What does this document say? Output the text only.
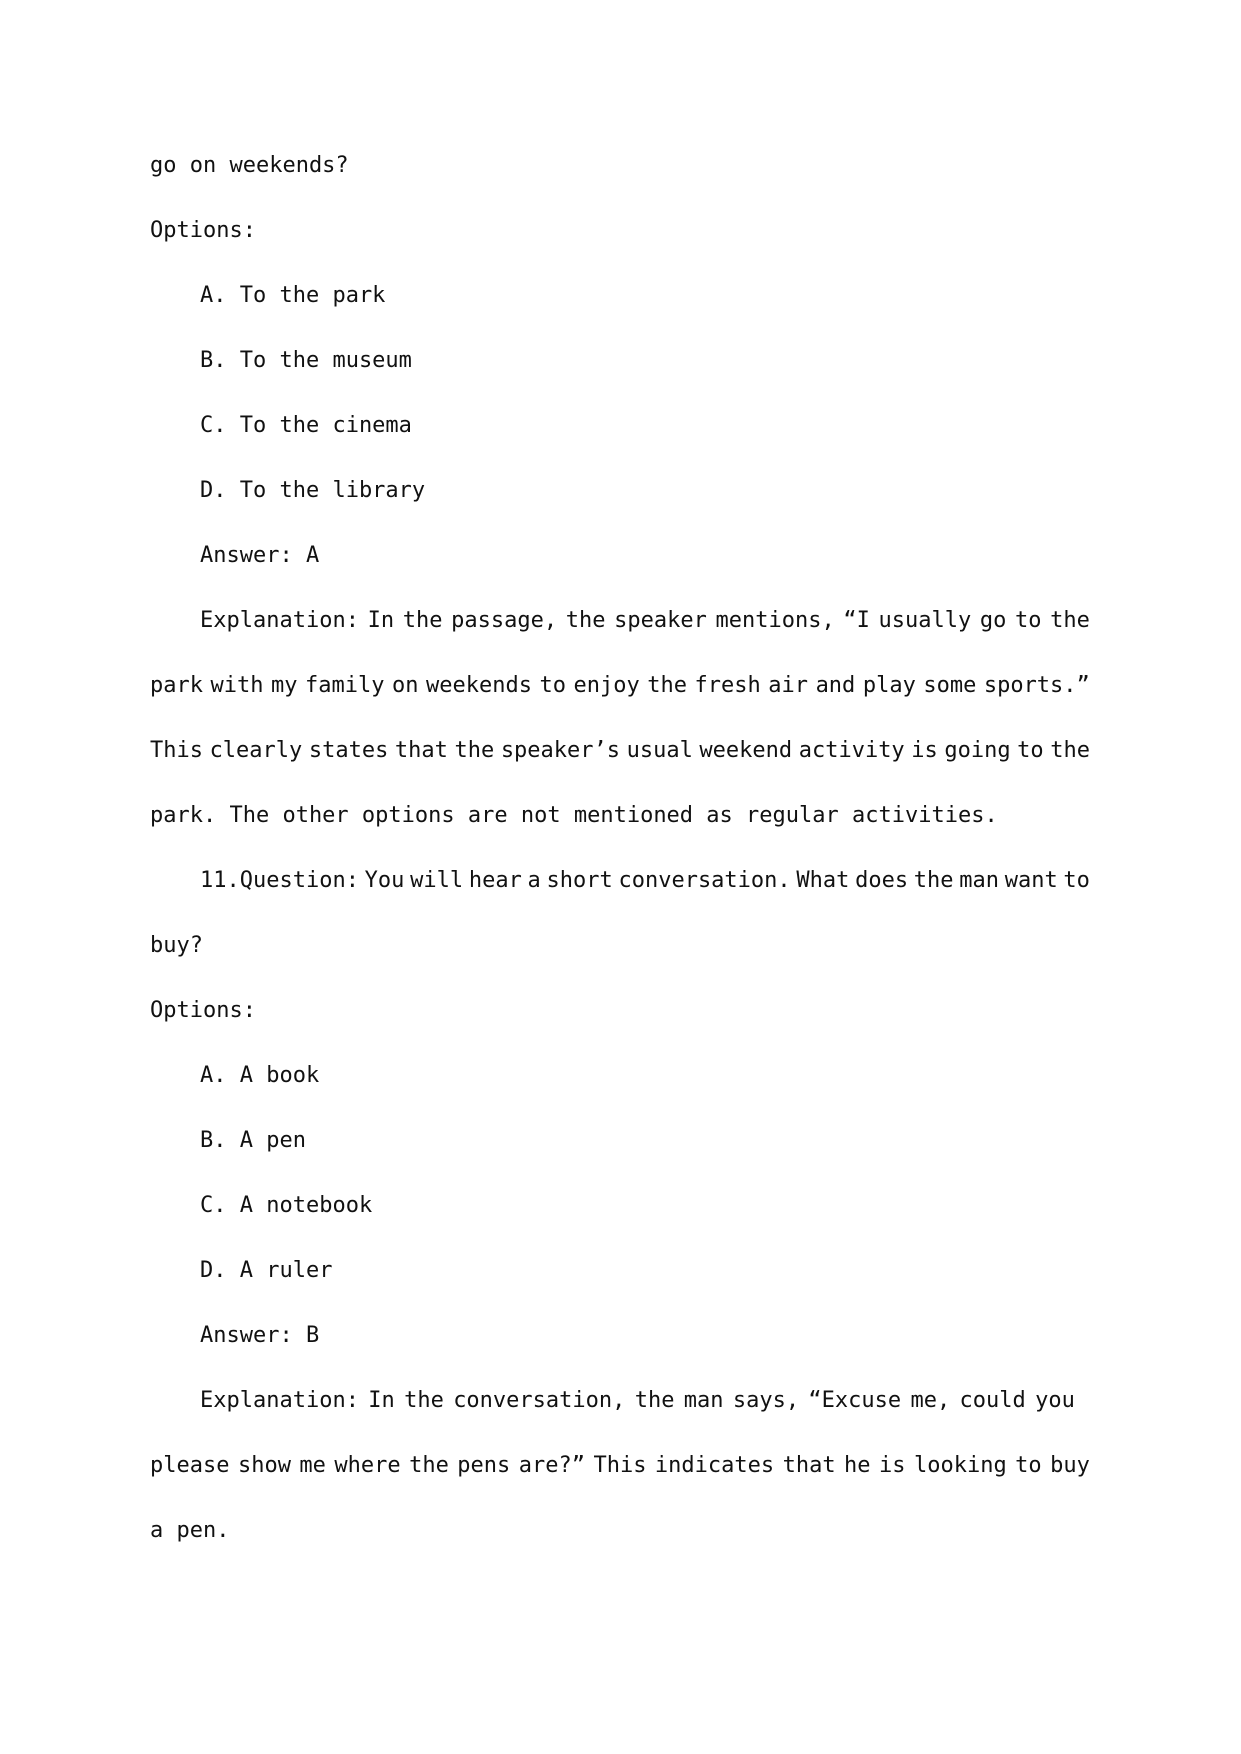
go on weekends?
Options:
A. To the park
B. To the museum
C. To the cinema
D. To the library
Answer: A
Explanation: In the passage, the speaker mentions, “I usually go to the
park with my family on weekends to enjoy the fresh air and play some sports.”
This clearly states that the speaker’s usual weekend activity is going to the
park. The other options are not mentioned as regular activities.
11.Question: You will hear a short conversation. What does the man want to
buy?
Options:
A. A book
B. A pen
C. A notebook
D. A ruler
Answer: B
Explanation: In the conversation, the man says, “Excuse me, could you
please show me where the pens are?” This indicates that he is looking to buy
a pen.
